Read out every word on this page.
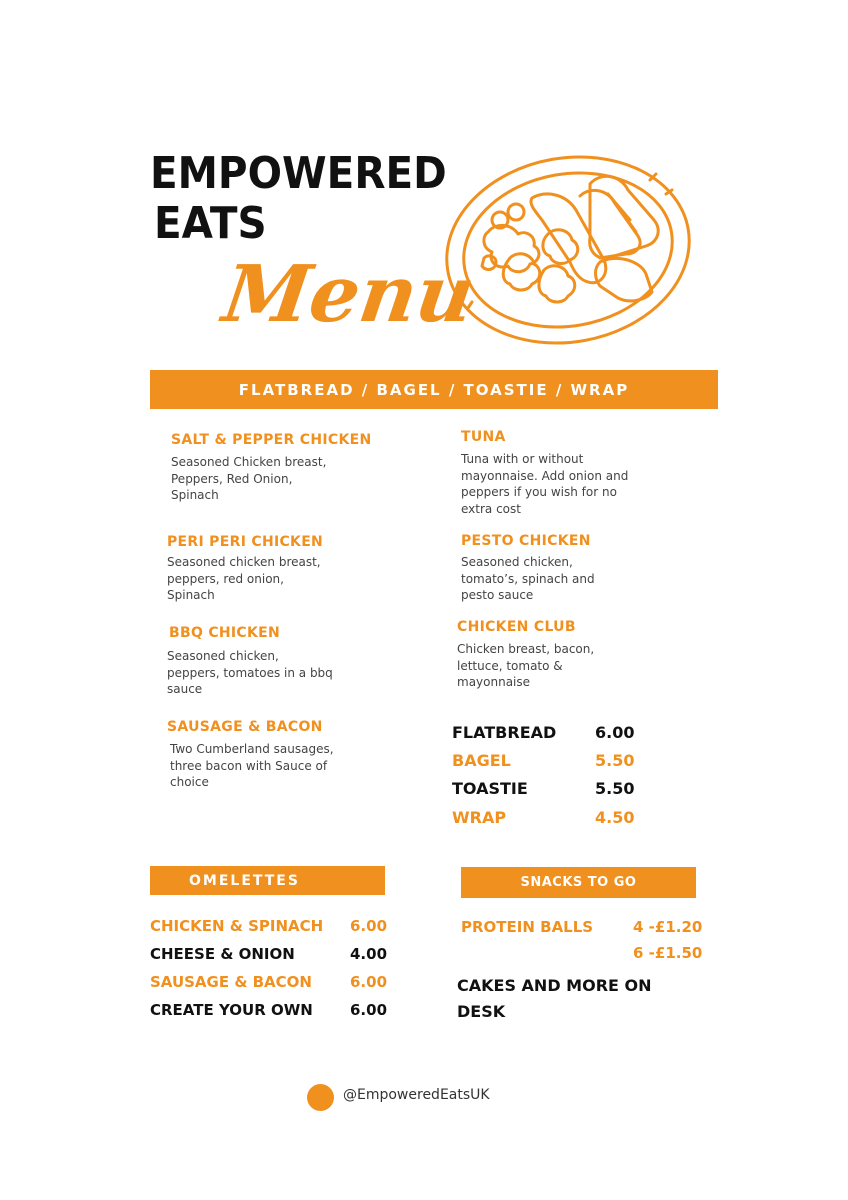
EMPOWERED
EATS
Menu
FLATBREAD / BAGEL / TOASTIE / WRAP
SALT & PEPPER CHICKEN
Seasoned Chicken breast,
Peppers, Red Onion,
Spinach
PERI PERI CHICKEN
Seasoned chicken breast,
peppers, red onion,
Spinach
BBQ CHICKEN
Seasoned chicken,
peppers, tomatoes in a bbq
sauce
SAUSAGE & BACON
Two Cumberland sausages,
three bacon with Sauce of
choice
TUNA
Tuna with or without
mayonnaise. Add onion and
peppers if you wish for no
extra cost
PESTO CHICKEN
Seasoned chicken,
tomato’s, spinach and
pesto sauce
CHICKEN CLUB
Chicken breast, bacon,
lettuce, tomato &
mayonnaise
FLATBREAD	6.00
BAGEL	5.50
TOASTIE	5.50
WRAP	4.50
OMELETTES
CHICKEN & SPINACH	6.00
CHEESE & ONION	4.00
SAUSAGE & BACON	6.00
CREATE YOUR OWN	6.00
SNACKS TO GO
PROTEIN BALLS	4 -£1.20
6 -£1.50
CAKES AND MORE ON
DESK
@EmpoweredEatsUK
